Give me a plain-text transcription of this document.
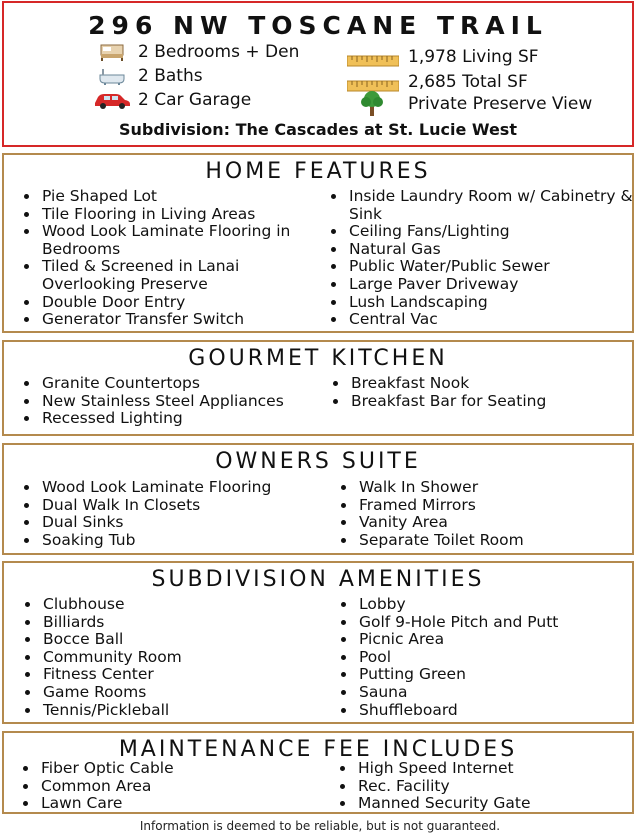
296 NW TOSCANE TRAIL
2 Bedrooms + Den
2 Baths
2 Car Garage
1,978 Living SF
2,685 Total SF
Private Preserve View
Subdivision: The Cascades at St. Lucie West
HOME FEATURES
• Pie Shaped Lot
• Tile Flooring in Living Areas
• Wood Look Laminate Flooring in Bedrooms
• Tiled & Screened in Lanai Overlooking Preserve
• Double Door Entry
• Generator Transfer Switch
• Inside Laundry Room w/ Cabinetry & Sink
• Ceiling Fans/Lighting
• Natural Gas
• Public Water/Public Sewer
• Large Paver Driveway
• Lush Landscaping
• Central Vac
GOURMET KITCHEN
• Granite Countertops
• New Stainless Steel Appliances
• Recessed Lighting
• Breakfast Nook
• Breakfast Bar for Seating
OWNERS SUITE
• Wood Look Laminate Flooring
• Dual Walk In Closets
• Dual Sinks
• Soaking Tub
• Walk In Shower
• Framed Mirrors
• Vanity Area
• Separate Toilet Room
SUBDIVISION AMENITIES
• Clubhouse
• Billiards
• Bocce Ball
• Community Room
• Fitness Center
• Game Rooms
• Tennis/Pickleball
• Lobby
• Golf 9-Hole Pitch and Putt
• Picnic Area
• Pool
• Putting Green
• Sauna
• Shuffleboard
MAINTENANCE FEE INCLUDES
• Fiber Optic Cable
• Common Area
• Lawn Care
• High Speed Internet
• Rec. Facility
• Manned Security Gate
Information is deemed to be reliable, but is not guaranteed.
